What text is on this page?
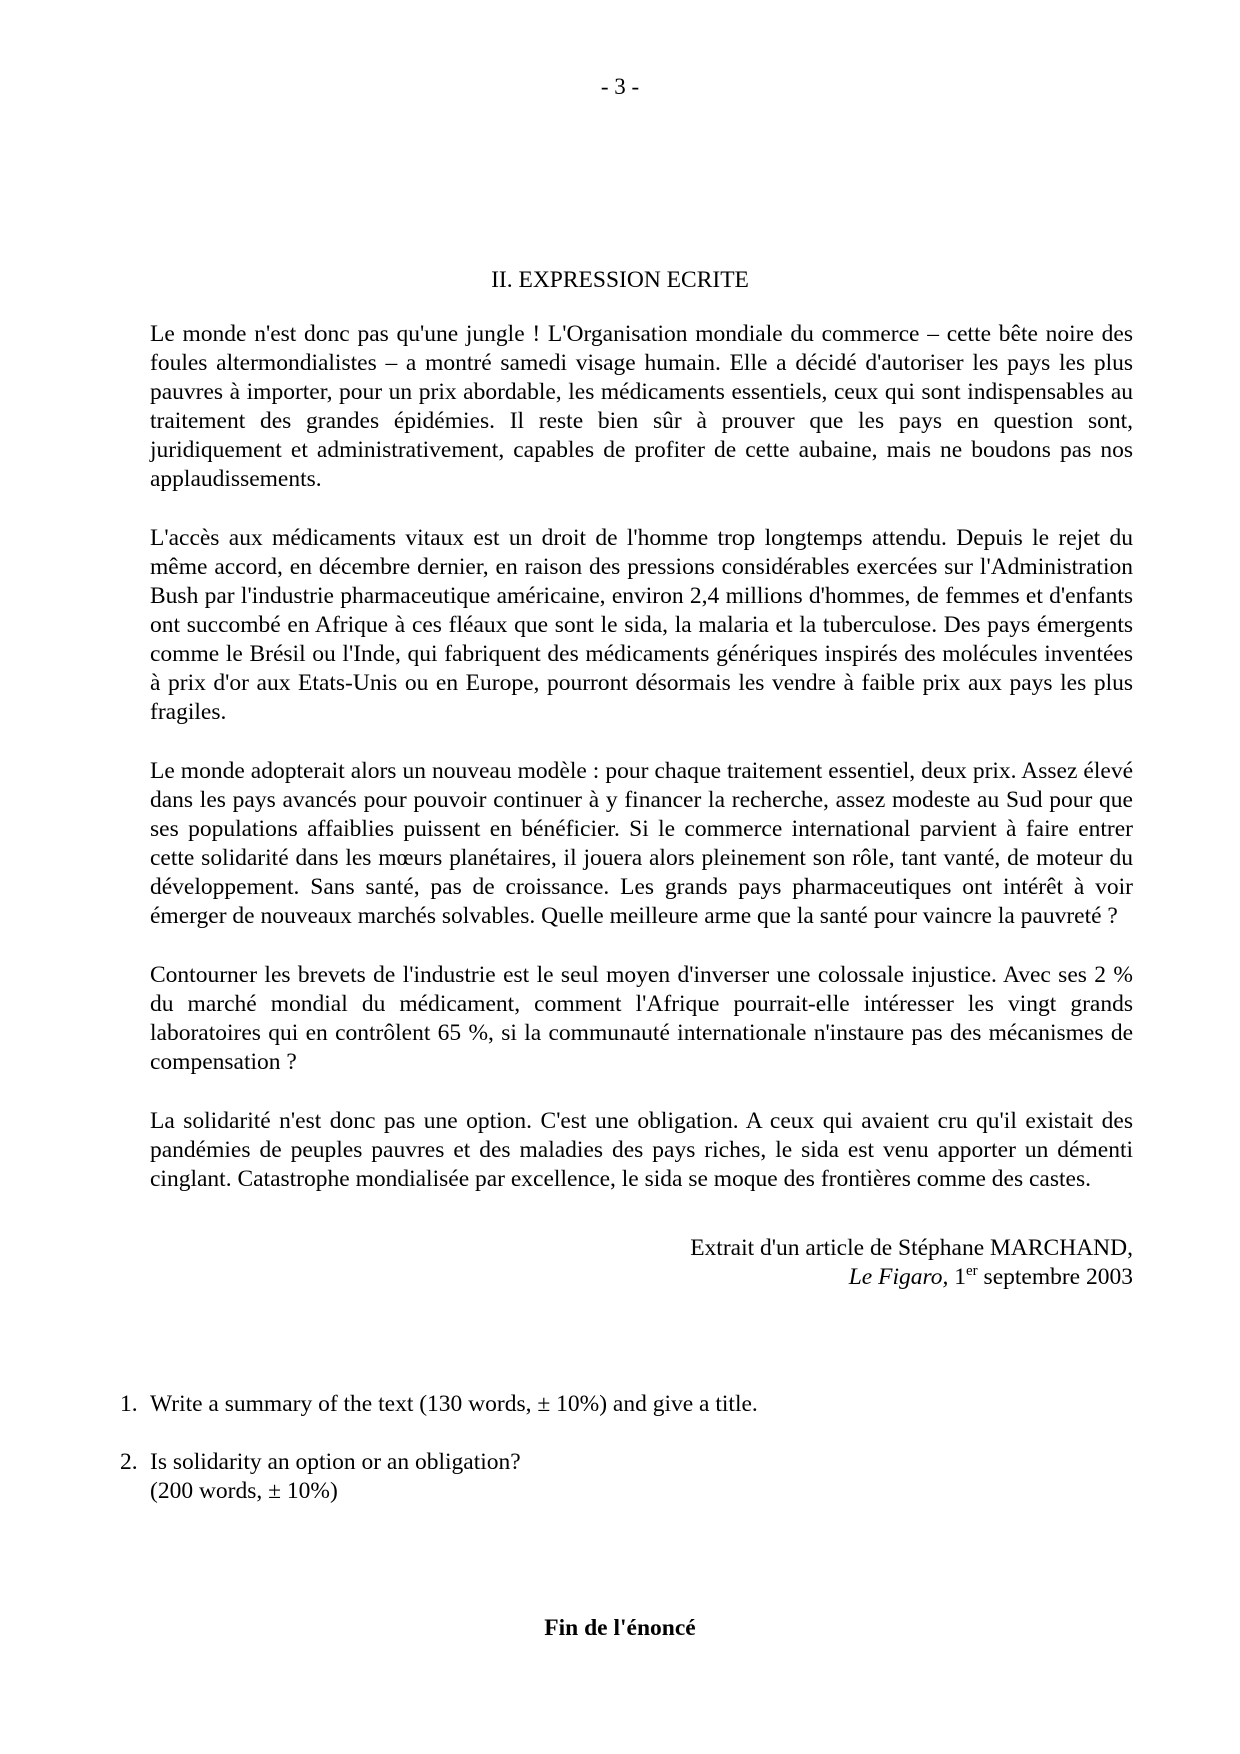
- 3 -
II. EXPRESSION ECRITE

Le monde n'est donc pas qu'une jungle ! L'Organisation mondiale du commerce – cette bête noire des foules altermondialistes – a montré samedi visage humain. Elle a décidé d'autoriser les pays les plus pauvres à importer, pour un prix abordable, les médicaments essentiels, ceux qui sont indispensables au traitement des grandes épidémies. Il reste bien sûr à prouver que les pays en question sont, juridiquement et administrativement, capables de profiter de cette aubaine, mais ne boudons pas nos applaudissements.

L'accès aux médicaments vitaux est un droit de l'homme trop longtemps attendu. Depuis le rejet du même accord, en décembre dernier, en raison des pressions considérables exercées sur l'Administration Bush par l'industrie pharmaceutique américaine, environ 2,4 millions d'hommes, de femmes et d'enfants ont succombé en Afrique à ces fléaux que sont le sida, la malaria et la tuberculose. Des pays émergents comme le Brésil ou l'Inde, qui fabriquent des médicaments génériques inspirés des molécules inventées à prix d'or aux Etats-Unis ou en Europe, pourront désormais les vendre à faible prix aux pays les plus fragiles.

Le monde adopterait alors un nouveau modèle : pour chaque traitement essentiel, deux prix. Assez élevé dans les pays avancés pour pouvoir continuer à y financer la recherche, assez modeste au Sud pour que ses populations affaiblies puissent en bénéficier. Si le commerce international parvient à faire entrer cette solidarité dans les mœurs planétaires, il jouera alors pleinement son rôle, tant vanté, de moteur du développement. Sans santé, pas de croissance. Les grands pays pharmaceutiques ont intérêt à voir émerger de nouveaux marchés solvables. Quelle meilleure arme que la santé pour vaincre la pauvreté ?

Contourner les brevets de l'industrie est le seul moyen d'inverser une colossale injustice. Avec ses 2 % du marché mondial du médicament, comment l'Afrique pourrait-elle intéresser les vingt grands laboratoires qui en contrôlent 65 %, si la communauté internationale n'instaure pas des mécanismes de compensation ?

La solidarité n'est donc pas une option. C'est une obligation. A ceux qui avaient cru qu'il existait des pandémies de peuples pauvres et des maladies des pays riches, le sida est venu apporter un démenti cinglant. Catastrophe mondialisée par excellence, le sida se moque des frontières comme des castes.

Extrait d'un article de Stéphane MARCHAND,
Le Figaro, 1er septembre 2003
1. Write a summary of the text (130 words, ± 10%) and give a title.
2. Is solidarity an option or an obligation?
(200 words, ± 10%)
Fin de l'énoncé
